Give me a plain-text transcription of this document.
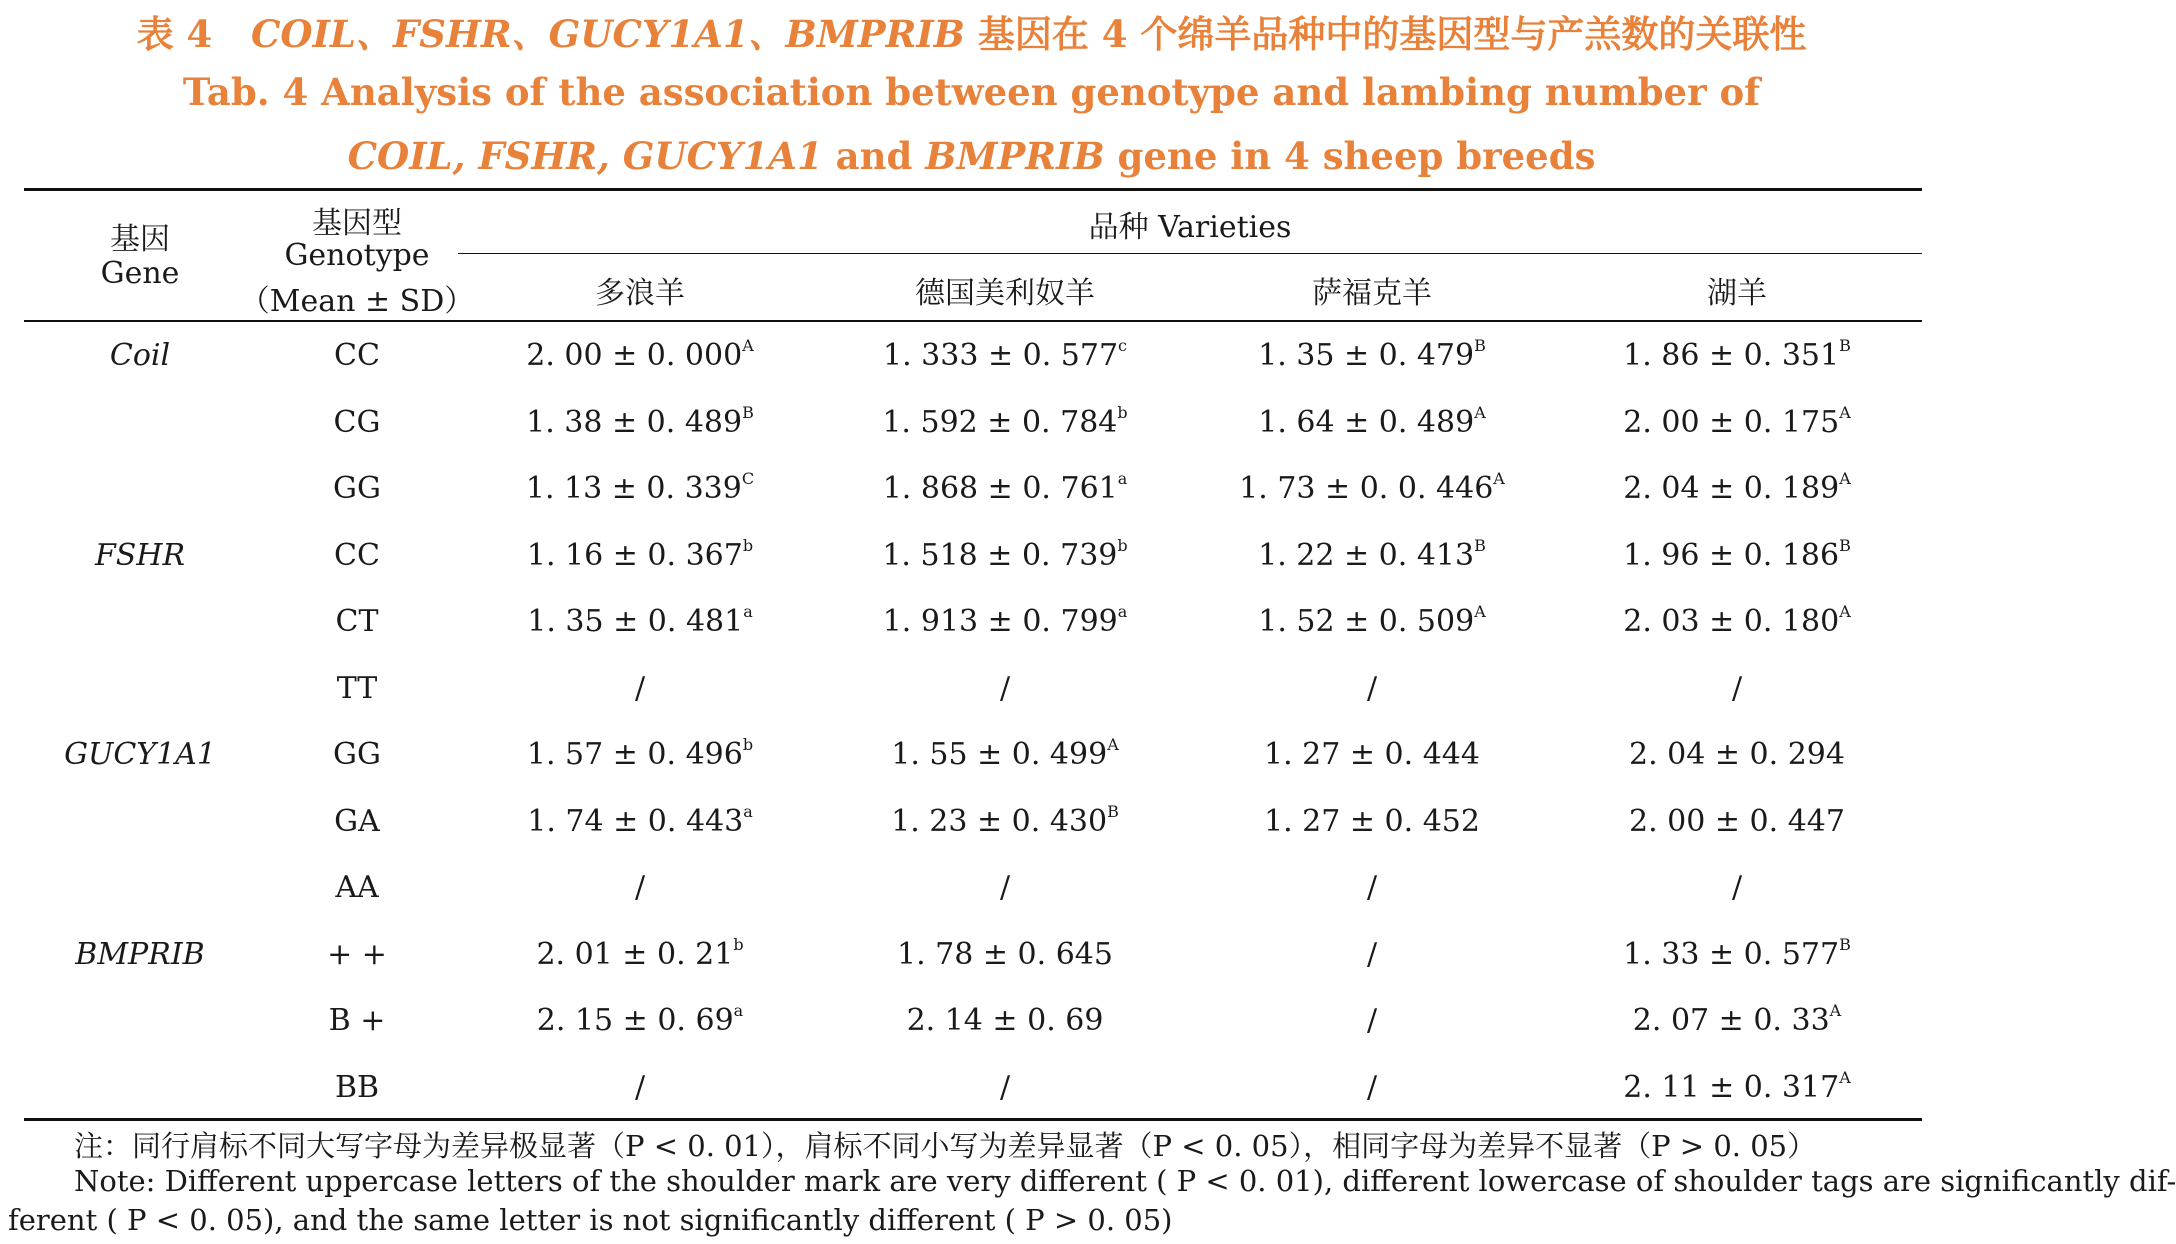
表 4 COIL、FSHR、GUCY1A1、BMPRIB 基因在 4 个绵羊品种中的基因型与产羔数的关联性
Tab. 4 Analysis of the association between genotype and lambing number of
COIL, FSHR, GUCY1A1 and BMPRIB gene in 4 sheep breeds
基因
Gene
基因型
Genotype
（Mean ± SD）
品种 Varieties
多浪羊	德国美利奴羊	萨福克羊	湖羊
Coil	CC	2. 00 ± 0. $000^A$	1. 333 ± 0. 577$^c$	1. 35 ± 0. $479^B$	1. 86 ± 0. $351^B$
CG	1. 38 ± 0. $489^B$	1. 592 ± 0. 784$^b$	1. 64 ± 0. $489^A$	2. 00 ± 0. $175^A$
GG	1. 13 ± 0. $339^C$	1. 868 ± 0. 761$^a$	1. 73 ± 0. 0. $446^A$	2. 04 ± 0. $189^A$
FSHR	CC	1. 16 ± 0. 367$^b$	1. 518 ± 0. 739$^b$	1. 22 ± 0. $413^B$	1. 96 ± 0. $186^B$
CT	1. 35 ± 0. 481$^a$	1. 913 ± 0. 799$^a$	1. 52 ± 0. $509^A$	2. 03 ± 0. $180^A$
TT	/	/	/	/
GUCY1A1	GG	1. 57 ± 0. 496$^b$	1. 55 ± 0. $499^A$	1. 27 ± 0. 444	2. 04 ± 0. 294
GA	1. 74 ± 0. 443$^a$	1. 23 ± 0. $430^B$	1. 27 ± 0. 452	2. 00 ± 0. 447
AA	/	/	/	/
BMPRIB	+ +	2. 01 ± 0. 21$^b$	1. 78 ± 0. 645	/	1. 33 ± 0. $577^B$
B +	2. 15 ± 0. 69$^a$	2. 14 ± 0. 69	/	2. 07 ± 0. $33^A$
BB	/	/	/	2. 11 ± 0. $317^A$
注：同行肩标不同大写字母为差异极显著（P < 0. 01），肩标不同小写为差异显著（P < 0. 05），相同字母为差异不显著（P > 0. 05）
Note: Different uppercase letters of the shoulder mark are very different ( P < 0. 01), different lowercase of shoulder tags are significantly dif-
ferent ( P < 0. 05), and the same letter is not significantly different ( P > 0. 05)
